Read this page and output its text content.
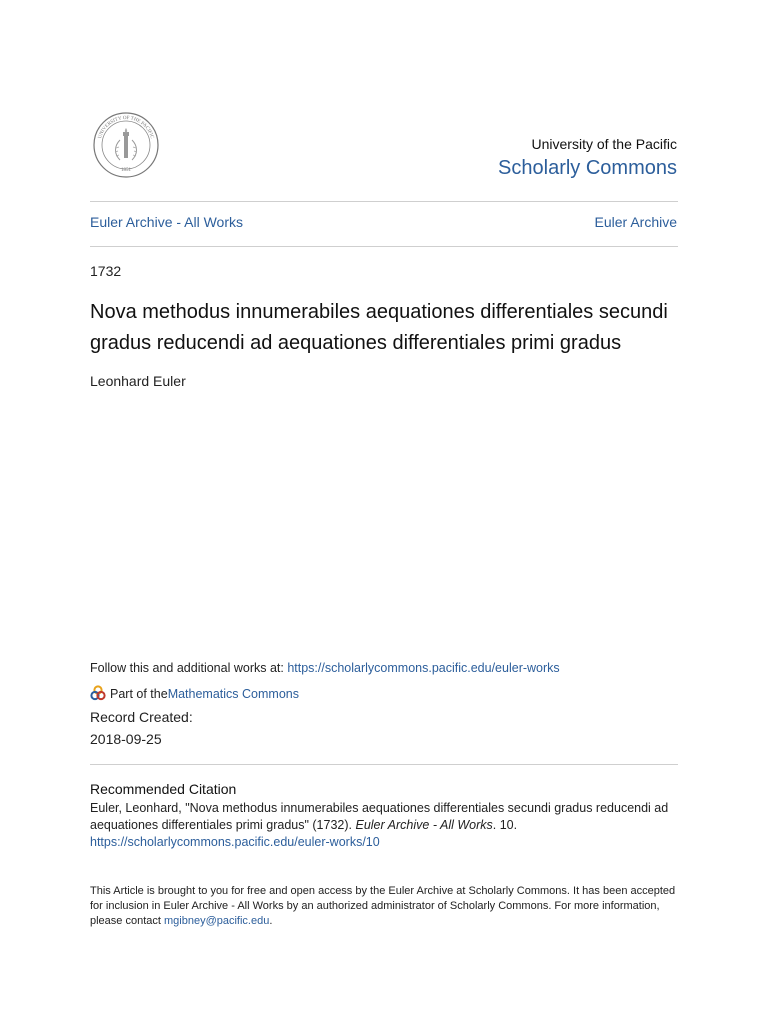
UNIVERSITY OF THE PACIFIC
1851
University of the Pacific
Scholarly Commons
Euler Archive - All Works	Euler Archive
1732
Nova methodus innumerabiles aequationes differentiales secundi gradus reducendi ad aequationes differentiales primi gradus
Leonhard Euler
Follow this and additional works at: https://scholarlycommons.pacific.edu/euler-works
Part of the Mathematics Commons
Record Created:
2018-09-25
Recommended Citation
Euler, Leonhard, "Nova methodus innumerabiles aequationes differentiales secundi gradus reducendi ad aequationes differentiales primi gradus" (1732). Euler Archive - All Works. 10.
https://scholarlycommons.pacific.edu/euler-works/10
This Article is brought to you for free and open access by the Euler Archive at Scholarly Commons. It has been accepted for inclusion in Euler Archive - All Works by an authorized administrator of Scholarly Commons. For more information, please contact mgibney@pacific.edu.
